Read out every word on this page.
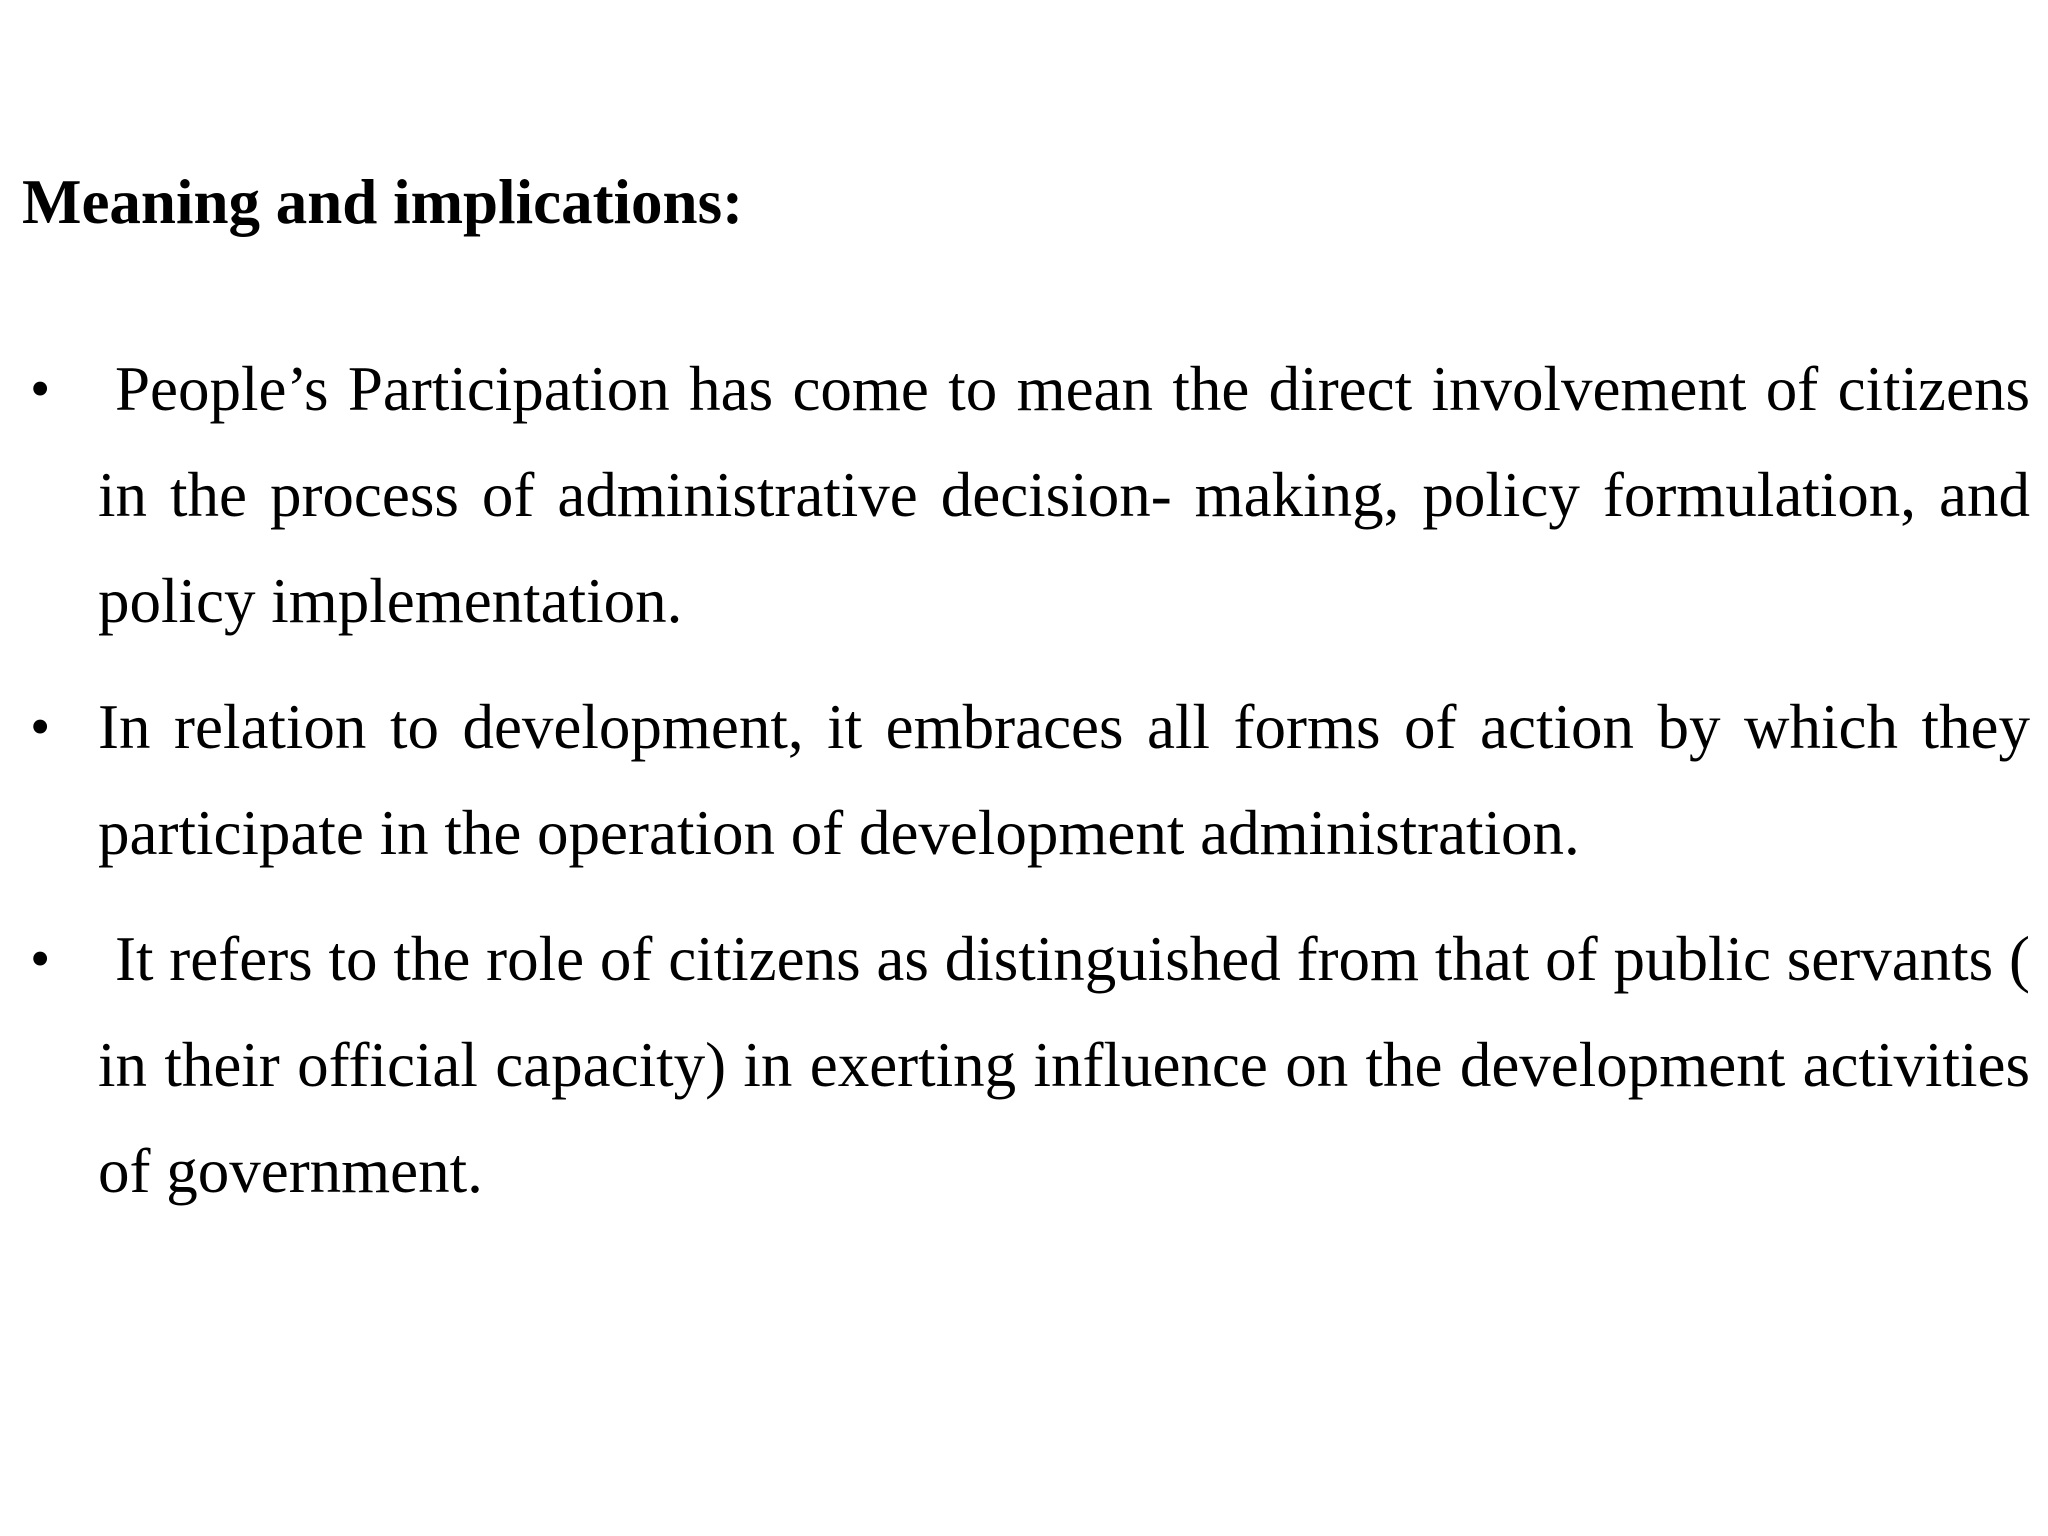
Meaning and implications:
•	People’s Participation has come to mean the direct involvement of citizens in the process of administrative decision- making, policy formulation, and policy implementation.

• In relation to development, it embraces all forms of action by which they participate in the operation of development administration.

•	It refers to the role of citizens as distinguished from that of public servants ( in their official capacity) in exerting influence on the development activities of government.
